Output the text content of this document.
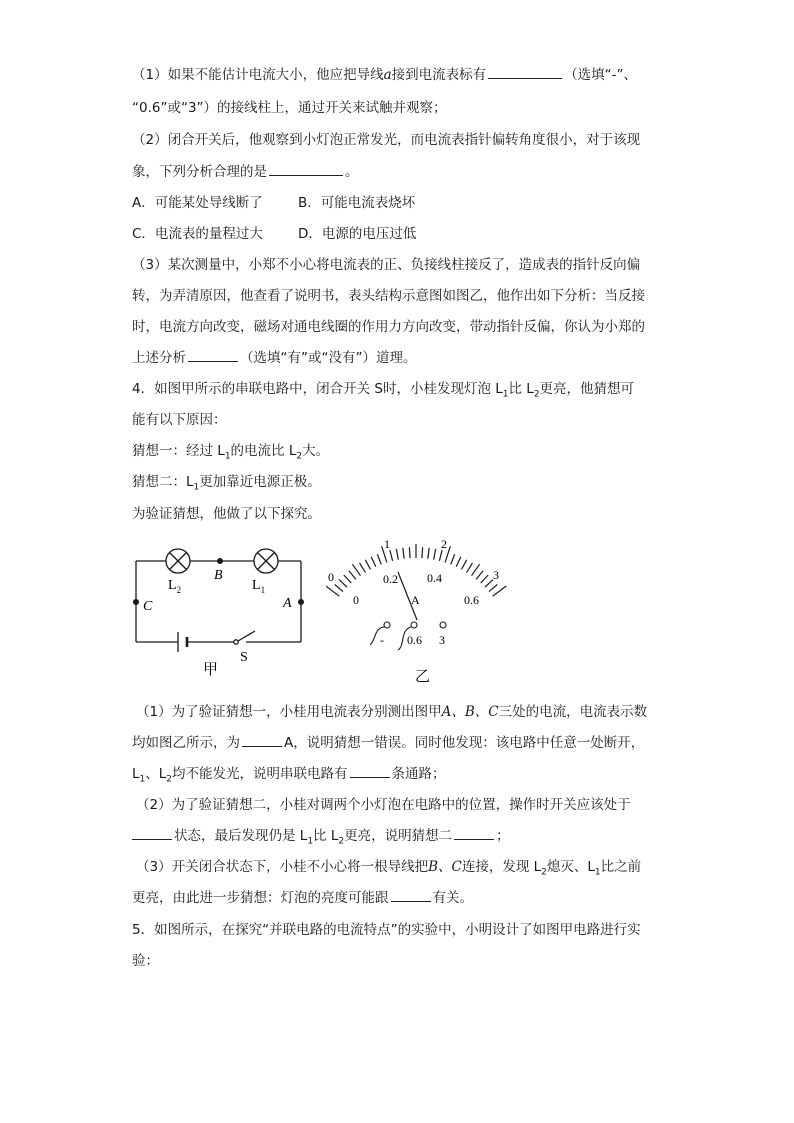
（1）如果不能估计电流大小，他应把导线a接到电流表标有	（选填“-”、
“0.6”或“3”）的接线柱上，通过开关来试触并观察；
（2）闭合开关后，他观察到小灯泡正常发光，而电流表指针偏转角度很小，对于该现
象，下列分析合理的是	。
A．可能某处导线断了	B．可能电流表烧坏
C．电流表的量程过大	D．电源的电压过低
（3）某次测量中，小郑不小心将电流表的正、负接线柱接反了，造成表的指针反向偏
转，为弄清原因，他查看了说明书，表头结构示意图如图乙，他作出如下分析：当反接
时，电流方向改变，磁场对通电线圈的作用力方向改变，带动指针反偏，你认为小郑的
上述分析	（选填“有”或“没有”）道理。
4．如图甲所示的串联电路中，闭合开关 S时，小桂发现灯泡 $L_1$比 $L_2$更亮，他猜想可
能有以下原因：
猜想一：经过 $L_1$的电流比 $L_2$大。
猜想二：$L_1$更加靠近电源正极。
为验证猜想，他做了以下探究。
$L_2$
B
$L_1$
C	A
S
甲
0
1	2
3
0
0.2 0.4
0.6
A
- 0.6 3
乙
（1）为了验证猜想一，小桂用电流表分别测出图甲A、B、C三处的电流，电流表示数
均如图乙所示，为	A，说明猜想一错误。同时他发现：该电路中任意一处断开，
$L_1$、$L_2$均不能发光，说明串联电路有	条通路；
（2）为了验证猜想二，小桂对调两个小灯泡在电路中的位置，操作时开关应该处于
状态，最后发现仍是 $L_1$比 $L_2$更亮，说明猜想二	；
（3）开关闭合状态下，小桂不小心将一根导线把B、C连接，发现 $L_2$熄灭、$L_1$比之前
更亮，由此进一步猜想：灯泡的亮度可能跟	有关。
5．如图所示，在探究“并联电路的电流特点”的实验中，小明设计了如图甲电路进行实
验：
